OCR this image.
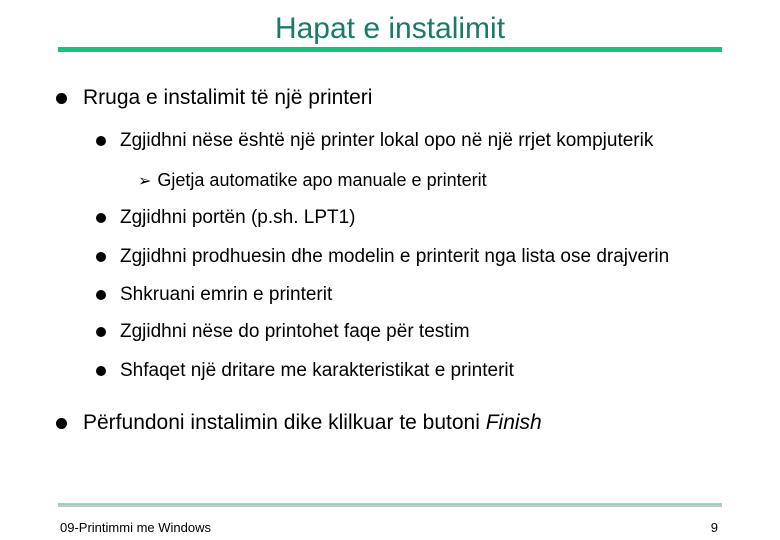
Hapat e instalimit
Rruga e instalimit të një printeri
Zgjidhni nëse është një printer lokal opo në një rrjet kompjuterik
➢ Gjetja automatike apo manuale e printerit
Zgjidhni portën (p.sh. LPT1)
Zgjidhni prodhuesin dhe modelin e printerit nga lista ose drajverin
Shkruani emrin e printerit
Zgjidhni nëse do printohet faqe për testim
Shfaqet një dritare me karakteristikat e printerit
Përfundoni instalimin dike klilkuar te butoni Finish
09-Printimmi me Windows	9
